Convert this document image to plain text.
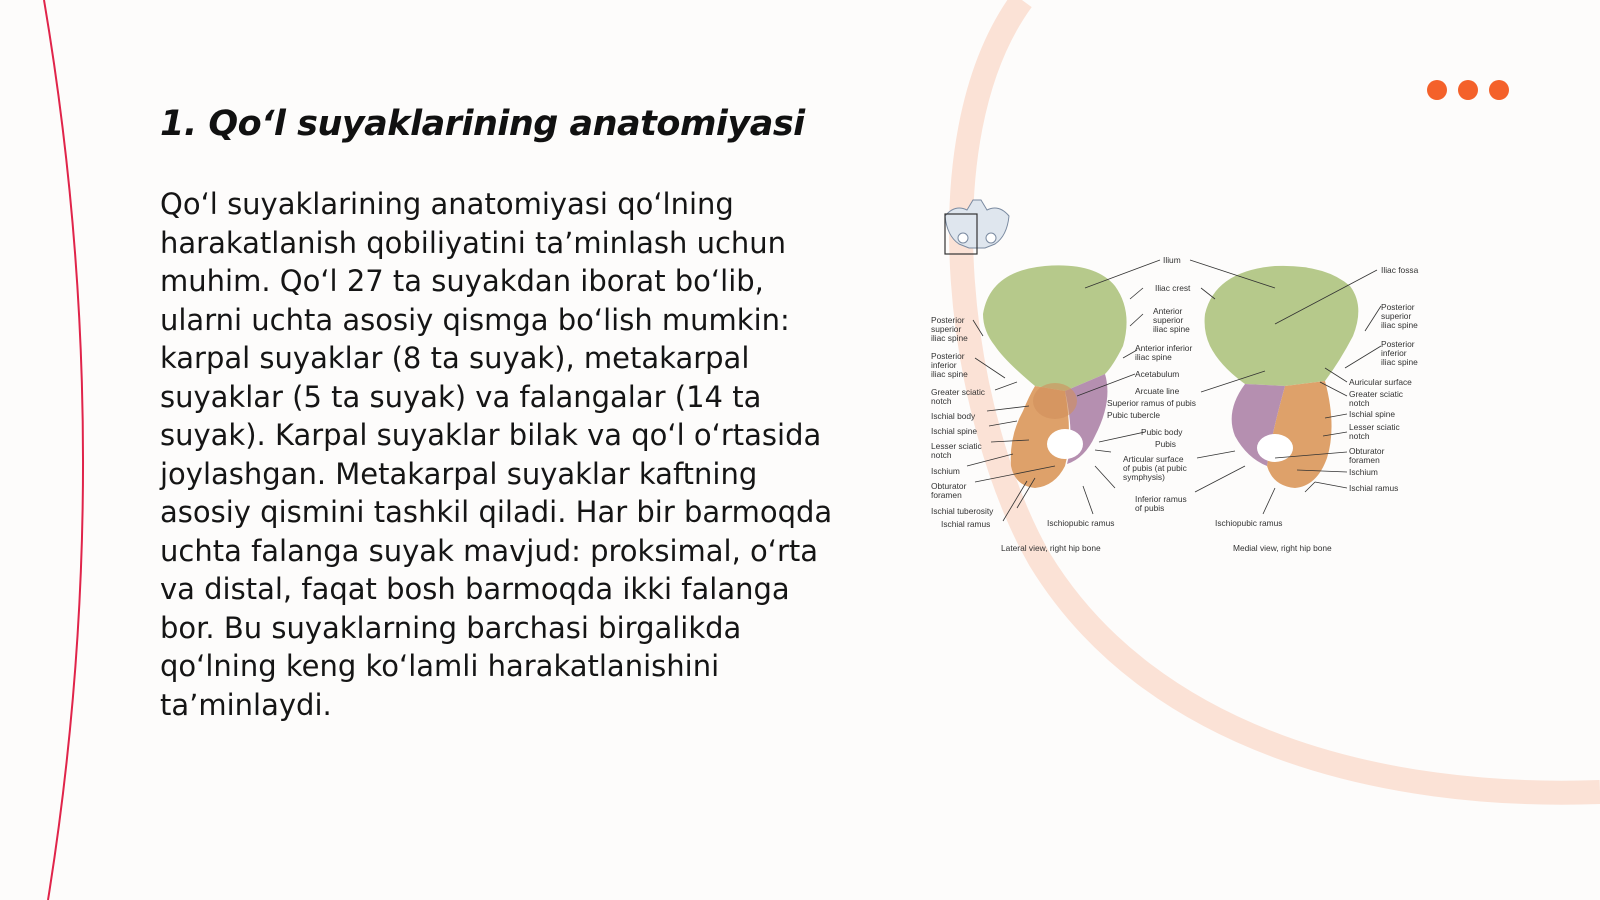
1. Qo‘l suyaklarining anatomiyasi

Qo‘l suyaklarining anatomiyasi qo‘lning harakatlanish qobiliyatini ta’minlash uchun muhim. Qo‘l 27 ta suyakdan iborat bo‘lib, ularni uchta asosiy qismga bo‘lish mumkin: karpal suyaklar (8 ta suyak), metakarpal suyaklar (5 ta suyak) va falangalar (14 ta suyak). Karpal suyaklar bilak va qo‘l o‘rtasida joylashgan. Metakarpal suyaklar kaftning asosiy qismini tashkil qiladi. Har bir barmoqda uchta falanga suyak mavjud: proksimal, o‘rta va distal, faqat bosh barmoqda ikki falanga bor. Bu suyaklarning barchasi birgalikda qo‘lning keng ko‘lamli harakatlanishini ta’minlaydi.

Ilium
Iliac crest
Anterior superior iliac spine
Anterior inferior iliac spine
Acetabulum
Arcuate line
Superior ramus of pubis
Pubic tubercle
Pubic body
Pubis
Articular surface of pubis (at pubic symphysis)
Inferior ramus of pubis
Posterior superior iliac spine
Posterior inferior iliac spine
Greater sciatic notch
Ischial body
Ischial spine
Lesser sciatic notch
Ischium
Obturator foramen
Ischial tuberosity
Ischial ramus	Ischiopubic ramus
Iliac fossa
Posterior superior iliac spine
Posterior inferior iliac spine
Auricular surface
Greater sciatic notch
Ischial spine
Lesser sciatic notch
Obturator foramen
Ischium
Ischial ramus
Ischiopubic ramus
Lateral view, right hip bone	Medial view, right hip bone
